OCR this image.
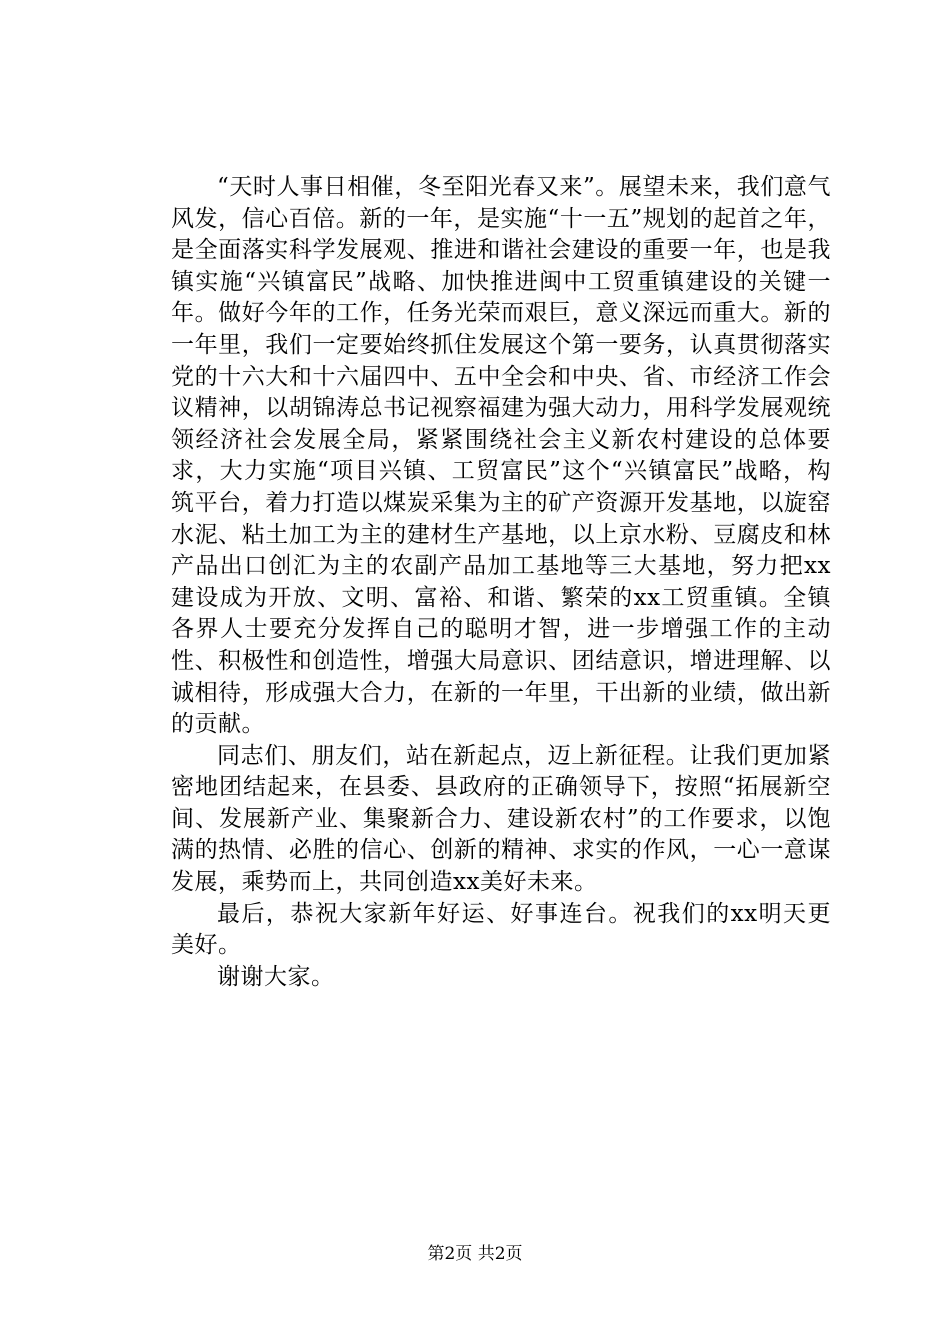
“天时人事日相催，冬至阳光春又来”。展望未来，我们意气风发，信心百倍。新的一年，是实施“十一五”规划的起首之年，是全面落实科学发展观、推进和谐社会建设的重要一年，也是我镇实施“兴镇富民”战略、加快推进闽中工贸重镇建设的关键一年。做好今年的工作，任务光荣而艰巨，意义深远而重大。新的一年里，我们一定要始终抓住发展这个第一要务，认真贯彻落实党的十六大和十六届四中、五中全会和中央、省、市经济工作会议精神，以胡锦涛总书记视察福建为强大动力，用科学发展观统领经济社会发展全局，紧紧围绕社会主义新农村建设的总体要求，大力实施“项目兴镇、工贸富民”这个“兴镇富民”战略，构筑平台，着力打造以煤炭采集为主的矿产资源开发基地，以旋窑水泥、粘土加工为主的建材生产基地，以上京水粉、豆腐皮和林产品出口创汇为主的农副产品加工基地等三大基地，努力把xx建设成为开放、文明、富裕、和谐、繁荣的xx工贸重镇。全镇各界人士要充分发挥自己的聪明才智，进一步增强工作的主动性、积极性和创造性，增强大局意识、团结意识，增进理解、以诚相待，形成强大合力，在新的一年里，干出新的业绩，做出新的贡献。

同志们、朋友们，站在新起点，迈上新征程。让我们更加紧密地团结起来，在县委、县政府的正确领导下，按照“拓展新空间、发展新产业、集聚新合力、建设新农村”的工作要求，以饱满的热情、必胜的信心、创新的精神、求实的作风，一心一意谋发展，乘势而上，共同创造xx美好未来。

最后，恭祝大家新年好运、好事连台。祝我们的xx明天更美好。

谢谢大家。

第2页 共2页
